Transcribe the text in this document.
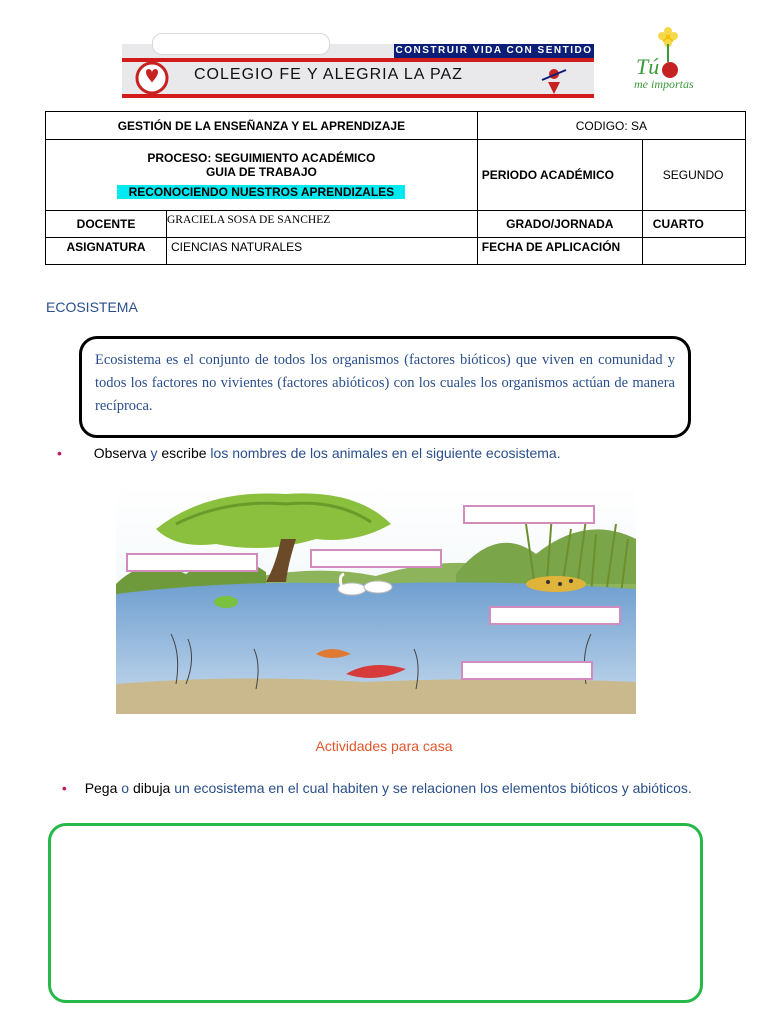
CONSTRUIR VIDA CON SENTIDO
COLEGIO FE Y ALEGRIA LA PAZ	Tú
me importas
GESTIÓN DE LA ENSEÑANZA Y EL APRENDIZAJE		CODIGO: SA	

PROCESO: SEGUIMIENTO ACADÉMICO
GUIA DE TRABAJO
RECONOCIENDO NUESTROS APRENDIZALES		PERIODO ACADÉMICO	SEGUNDO
DOCENTE	GRACIELA SOSA DE SANCHEZ	GRADO/JORNADA	CUARTO
ASIGNATURA	CIENCIAS NATURALES	FECHA DE APLICACIÓN	
ECOSISTEMA
Ecosistema es el conjunto de todos los organismos (factores bióticos) que viven en comunidad y todos los factores no vivientes (factores abióticos) con los cuales los organismos actúan de manera recíproca.
• Observa y escribe los nombres de los animales en el siguiente ecosistema.
Actividades para casa
• Pega o dibuja un ecosistema en el cual habiten y se relacionen los elementos bióticos y abióticos.
